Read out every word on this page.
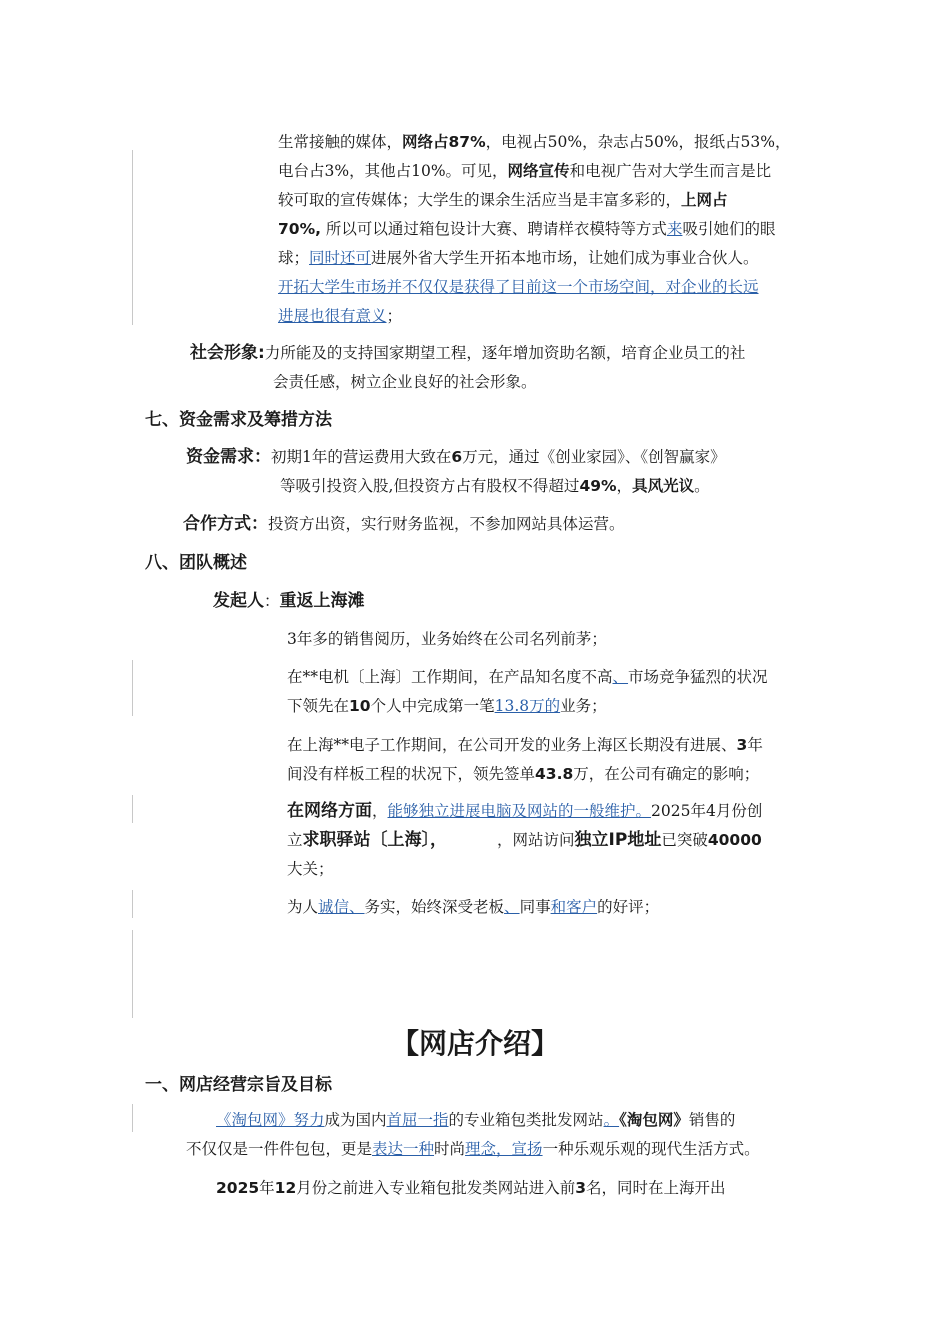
生常接触的媒体，网络占87%，电视占50%，杂志占50%，报纸占53%，
电台占3%，其他占10%。可见，网络宣传和电视广告对大学生而言是比
较可取的宣传媒体；大学生的课余生活应当是丰富多彩的，上网占
70%, 所以可以通过箱包设计大赛、聘请样衣模特等方式来吸引她们的眼
球；同时还可进展外省大学生开拓本地市场，让她们成为事业合伙人。
开拓大学生市场并不仅仅是获得了目前这一个市场空间，对企业的长远
进展也很有意义；
社会形象:力所能及的支持国家期望工程，逐年增加资助名额，培育企业员工的社
会责任感，树立企业良好的社会形象。
七、资金需求及筹措方法
资金需求：初期1年的营运费用大致在6万元，通过《创业家园》、《创智赢家》
等吸引投资入股,但投资方占有股权不得超过49%，具风光议。
合作方式：投资方出资，实行财务监视，不参加网站具体运营。
八、团队概述
发起人：重返上海滩
3年多的销售阅历，业务始终在公司名列前茅；
在**电机〔上海〕工作期间，在产品知名度不高、市场竞争猛烈的状况
下领先在10个人中完成第一笔13.8万的业务；
在上海**电子工作期间，在公司开发的业务上海区长期没有进展、3年
间没有样板工程的状况下，领先签单43.8万，在公司有确定的影响；
在网络方面，能够独立进展电脑及网站的一般维护。2025年4月份创
立求职驿站〔上海〕，	，网站访问独立IP地址已突破40000
大关；
为人诚信、务实，始终深受老板、同事和客户的好评；
【网店介绍】
一、网店经营宗旨及目标
《淘包网》努力成为国内首屈一指的专业箱包类批发网站。《淘包网》销售的
不仅仅是一件件包包，更是表达一种时尚理念，宣扬一种乐观乐观的现代生活方式。
2025年12月份之前进入专业箱包批发类网站进入前3名，同时在上海开出
